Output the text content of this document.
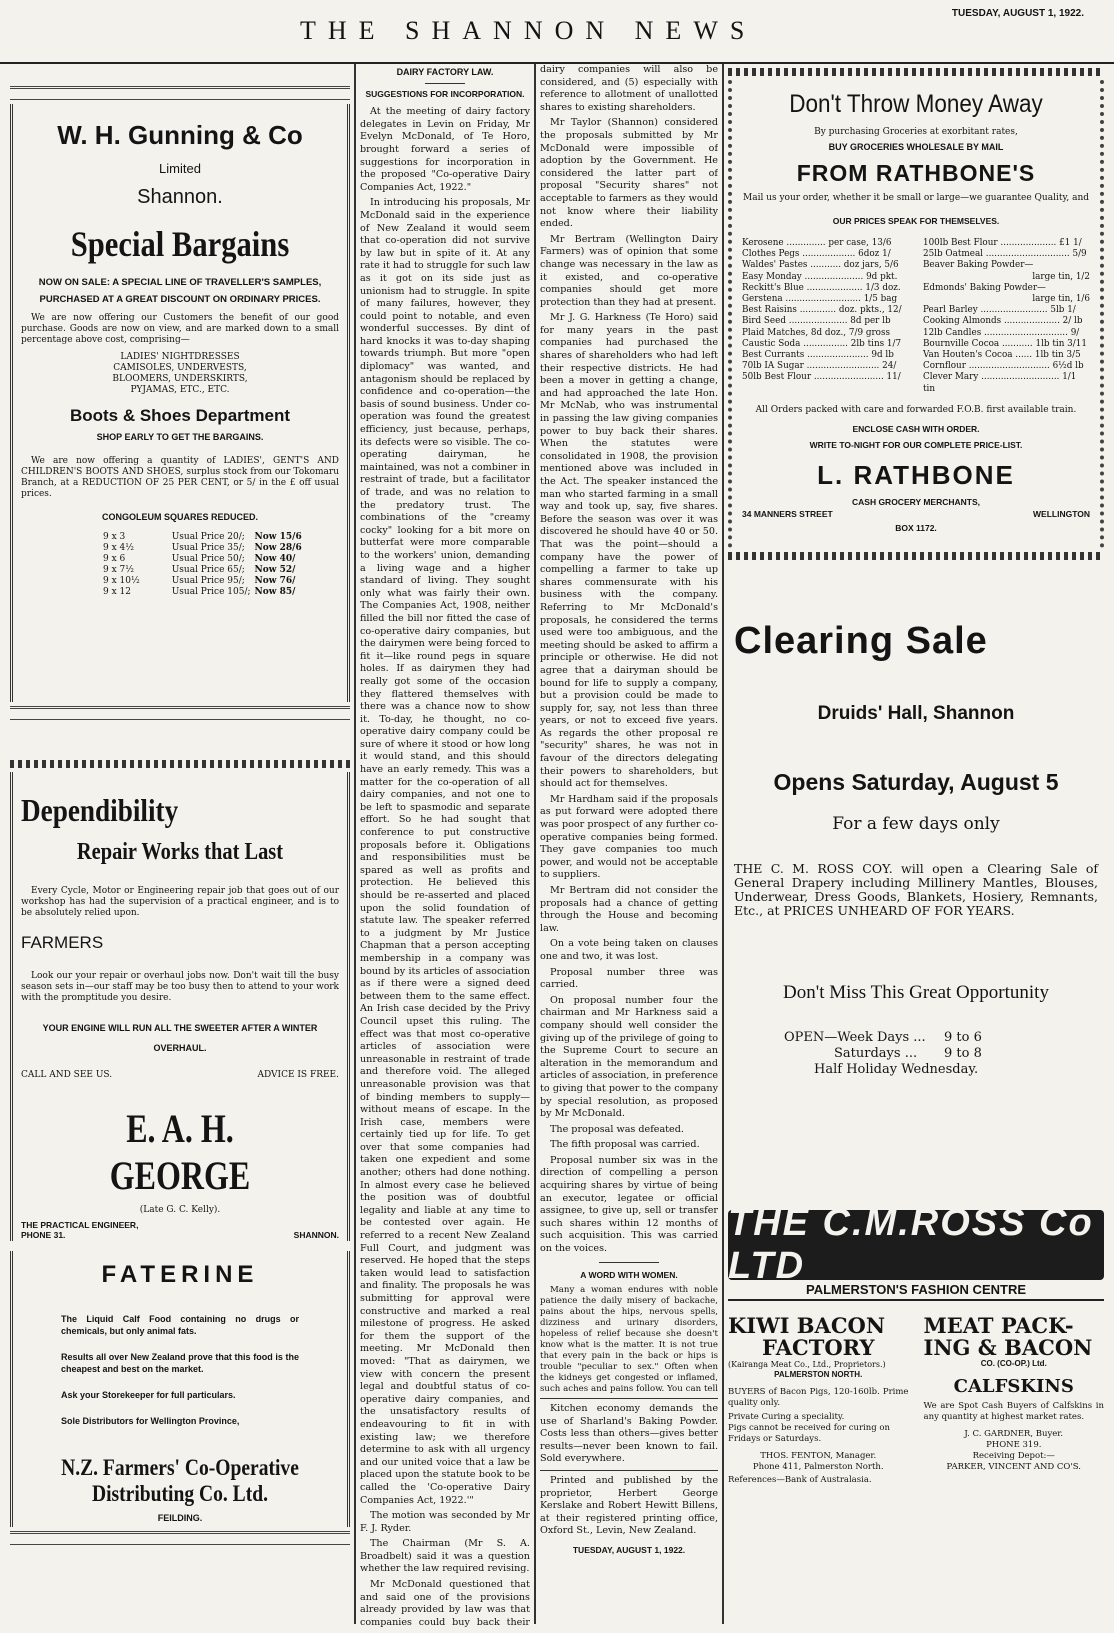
THE SHANNON NEWS
TUESDAY, AUGUST 1, 1922.
W. H. Gunning & Co
Limited
Shannon.
Special Bargains
NOW ON SALE: A SPECIAL LINE OF TRAVELLER'S SAMPLES,
PURCHASED AT A GREAT DISCOUNT ON ORDINARY PRICES.

We are now offering our Customers the benefit of our good purchase. Goods are now on view, and are marked down to a small percentage above cost, comprising—

LADIES' NIGHTDRESSES
CAMISOLES, UNDERVESTS,
BLOOMERS, UNDERSKIRTS,
PYJAMAS, ETC., ETC.
Boots & Shoes Department
SHOP EARLY TO GET THE BARGAINS.

We are now offering a quantity of LADIES', GENT'S AND CHILDREN'S BOOTS AND SHOES, surplus stock from our Tokomaru Branch, at a REDUCTION OF 25 PER CENT, or 5/ in the £ off usual prices.

CONGOLEUM SQUARES REDUCED.
9 x 3	Usual Price 20/;	Now 15/6
9 x 4½	Usual Price 35/;	Now 28/6
9 x 6	Usual Price 50/;	Now 40/
9 x 7½	Usual Price 65/;	Now 52/
9 x 10½	Usual Price 95/;	Now 76/
9 x 12	Usual Price 105/;	Now 85/
Dependibility
Repair Works that Last

Every Cycle, Motor or Engineering repair job that goes out of our workshop has had the supervision of a practical engineer, and is to be absolutely relied upon.

FARMERS

Look our your repair or overhaul jobs now. Don't wait till the busy season sets in—our staff may be too busy then to attend to your work with the promptitude you desire.

YOUR ENGINE WILL RUN ALL THE SWEETER AFTER A WINTER OVERHAUL.
CALL AND SEE US.	ADVICE IS FREE.
E. A. H. GEORGE
(Late G. C. Kelly).
THE PRACTICAL ENGINEER,
PHONE 31.	SHANNON.
FATERINE

The Liquid Calf Food containing no drugs or chemicals, but only animal fats.

Results all over New Zealand prove that this food is the cheapest and best on the market.

Ask your Storekeeper for full particulars.

Sole Distributors for Wellington Province,

N.Z. Farmers' Co-Operative
Distributing Co. Ltd.
FEILDING.
DAIRY FACTORY LAW.
SUGGESTIONS FOR INCORPORATION.

At the meeting of dairy factory delegates in Levin on Friday, Mr Evelyn McDonald, of Te Horo, brought forward a series of suggestions for incorporation in the proposed "Co-operative Dairy Companies Act, 1922."

In introducing his proposals, Mr McDonald said in the experience of New Zealand it would seem that co-operation did not survive by law but in spite of it. At any rate it had to struggle for such law as it got on its side just as unionism had to struggle. In spite of many failures, however, they could point to notable, and even wonderful successes. By dint of hard knocks it was to-day shaping towards triumph. But more "open diplomacy" was wanted, and antagonism should be replaced by confidence and co-operation—the basis of sound business. Under co-operation was found the greatest efficiency, just because, perhaps, its defects were so visible. The co-operating dairyman, he maintained, was not a combiner in restraint of trade, but a facilitator of trade, and was no relation to the predatory trust. The combinations of the "creamy cocky" looking for a bit more on butterfat were more comparable to the workers' union, demanding a living wage and a higher standard of living. They sought only what was fairly their own. The Companies Act, 1908, neither filled the bill nor fitted the case of co-operative dairy companies, but the dairymen were being forced to fit it—like round pegs in square holes. If as dairymen they had really got some of the occasion they flattered themselves with there was a chance now to show it. To-day, he thought, no co-operative dairy company could be sure of where it stood or how long it would stand, and this should have an early remedy. This was a matter for the co-operation of all dairy companies, and not one to be left to spasmodic and separate effort. So he had sought that conference to put constructive proposals before it. Obligations and responsibilities must be spared as well as profits and protection. He believed this should be re-asserted and placed upon the solid foundation of statute law. The speaker referred to a judgment by Mr Justice Chapman that a person accepting membership in a company was bound by its articles of association as if there were a signed deed between them to the same effect. An Irish case decided by the Privy Council upset this ruling. The effect was that most co-operative articles of association were unreasonable in restraint of trade and therefore void. The alleged unreasonable provision was that of binding members to supply—without means of escape. In the Irish case, members were certainly tied up for life. To get over that some companies had taken one expedient and some another; others had done nothing. In almost every case he believed the position was of doubtful legality and liable at any time to be contested over again. He referred to a recent New Zealand Full Court, and judgment was reserved. He hoped that the steps taken would lead to satisfaction and finality. The proposals he was submitting for approval were constructive and marked a real milestone of progress. He asked for them the support of the meeting. Mr McDonald then moved: "That as dairymen, we view with concern the present legal and doubtful status of co-operative dairy companies, and the unsatisfactory results of endeavouring to fit in with existing law; we therefore determine to ask with all urgency and our united voice that a law be placed upon the statute book to be called the 'Co-operative Dairy Companies Act, 1922.'"

The motion was seconded by Mr F. J. Ryder.

The Chairman (Mr S. A. Broadbelt) said it was a question whether the law required revising.

Mr McDonald questioned that and said one of the provisions already provided by law was that companies could buy back their

dairy companies will also be considered, and (5) especially with reference to allotment of unallotted shares to existing shareholders.

Mr Taylor (Shannon) considered the proposals submitted by Mr McDonald were impossible of adoption by the Government. He considered the latter part of proposal "Security shares" not acceptable to farmers as they would not know where their liability ended.

Mr Bertram (Wellington Dairy Farmers) was of opinion that some change was necessary in the law as it existed, and co-operative companies should get more protection than they had at present.

Mr J. G. Harkness (Te Horo) said for many years in the past companies had purchased the shares of shareholders who had left their respective districts. He had been a mover in getting a change, and had approached the late Hon. Mr McNab, who was instrumental in passing the law giving companies power to buy back their shares. When the statutes were consolidated in 1908, the provision mentioned above was included in the Act. The speaker instanced the man who started farming in a small way and took up, say, five shares. Before the season was over it was discovered he should have 40 or 50. That was the point—should a company have the power of compelling a farmer to take up shares commensurate with his business with the company. Referring to Mr McDonald's proposals, he considered the terms used were too ambiguous, and the meeting should be asked to affirm a principle or otherwise. He did not agree that a dairyman should be bound for life to supply a company, but a provision could be made to supply for, say, not less than three years, or not to exceed five years. As regards the other proposal re "security" shares, he was not in favour of the directors delegating their powers to shareholders, but should act for themselves.

Mr Hardham said if the proposals as put forward were adopted there was poor prospect of any further co-operative companies being formed. They gave companies too much power, and would not be acceptable to suppliers.

Mr Bertram did not consider the proposals had a chance of getting through the House and becoming law.

On a vote being taken on clauses one and two, it was lost.

Proposal number three was carried.

On proposal number four the chairman and Mr Harkness said a company should well consider the giving up of the privilege of going to the Supreme Court to secure an alteration in the memorandum and articles of association, in preference to giving that power to the company by special resolution, as proposed by Mr McDonald.

The proposal was defeated.

The fifth proposal was carried.

Proposal number six was in the direction of compelling a person acquiring shares by virtue of being an executor, legatee or official assignee, to give up, sell or transfer such shares within 12 months of such acquisition. This was carried on the voices.

A WORD WITH WOMEN.

Many a woman endures with noble patience the daily misery of backache, pains about the hips, nervous spells, dizziness and urinary disorders, hopeless of relief because she doesn't know what is the matter. It is not true that every pain in the back or hips is trouble "peculiar to sex." Often when the kidneys get congested or inflamed, such aches and pains follow. You can tell

Kitchen economy demands the use of Sharland's Baking Powder. Costs less than others—gives better results—never been known to fail. Sold everywhere.

Printed and published by the proprietor, Herbert George Kerslake and Robert Hewitt Billens, at their registered printing office, Oxford St., Levin, New Zealand.

TUESDAY, AUGUST 1, 1922.
Don't Throw Money Away
By purchasing Groceries at exorbitant rates,
BUY GROCERIES WHOLESALE BY MAIL
FROM RATHBONE'S
Mail us your order, whether it be small or large—we guarantee Quality, and
OUR PRICES SPEAK FOR THEMSELVES.
Kerosene .............. per case, 13/6
Clothes Pegs ................... 6doz 1/
Waldes' Pastes ........... doz jars, 5/6
Easy Monday ..................... 9d pkt.
Reckitt's Blue .................... 1/3 doz.
Gerstena ........................... 1/5 bag
Best Raisins ............. doz. pkts., 12/
Bird Seed ..................... 8d per lb
Plaid Matches, 8d doz., 7/9 gross
Caustic Soda ................ 2lb tins 1/7
Best Currants ...................... 9d lb
70lb IA Sugar .......................... 24/
50lb Best Flour ......................... 11/
100lb Best Flour .................... £1 1/
25lb Oatmeal .............................. 5/9
Beaver Baking Powder—
large tin, 1/2
Edmonds' Baking Powder—
large tin, 1/6
Pearl Barley ........................ 5lb 1/
Cooking Almonds .................... 2/ lb
12lb Candles .............................. 9/
Bournville Cocoa ........... 1lb tin 3/11
Van Houten's Cocoa ...... 1lb tin 3/5
Cornflour ............................. 6½d lb
Clever Mary ............................ 1/1 tin
All Orders packed with care and forwarded F.O.B. first available train.
ENCLOSE CASH WITH ORDER.
WRITE TO-NIGHT FOR OUR COMPLETE PRICE-LIST.
L. RATHBONE
CASH GROCERY MERCHANTS,
34 MANNERS STREET	WELLINGTON
BOX 1172.
Clearing Sale
Druids' Hall, Shannon
Opens Saturday, August 5
For a few days only

THE C. M. ROSS COY. will open a Clearing Sale of General Drapery including Millinery Mantles, Blouses, Underwear, Dress Goods, Blankets, Hosiery, Remnants, Etc., at PRICES UNHEARD OF FOR YEARS.

Don't Miss This Great Opportunity
OPEN—Week Days ... 9 to 6
Saturdays ... 9 to 8
Half Holiday Wednesday.
THE C.M.ROSS Co LTD
PALMERSTON'S FASHION CENTRE
KIWI BACON
FACTORY
(Kairanga Meat Co., Ltd., Proprietors.)
PALMERSTON NORTH.

BUYERS of Bacon Pigs, 120-160lb. Prime quality only.

Private Curing a speciality.
Pigs cannot be received for curing on Fridays or Saturdays.
THOS. FENTON, Manager.
Phone 411, Palmerston North.
MEAT PACK-
ING & BACON
CO. (CO-OP.) Ltd.
CALFSKINS

We are Spot Cash Buyers of Calfskins in any quantity at highest market rates.

J. C. GARDNER, Buyer.
PHONE 319.
Receiving Depot:—
PARKER, VINCENT AND CO'S.
References—Bank of Australasia.
